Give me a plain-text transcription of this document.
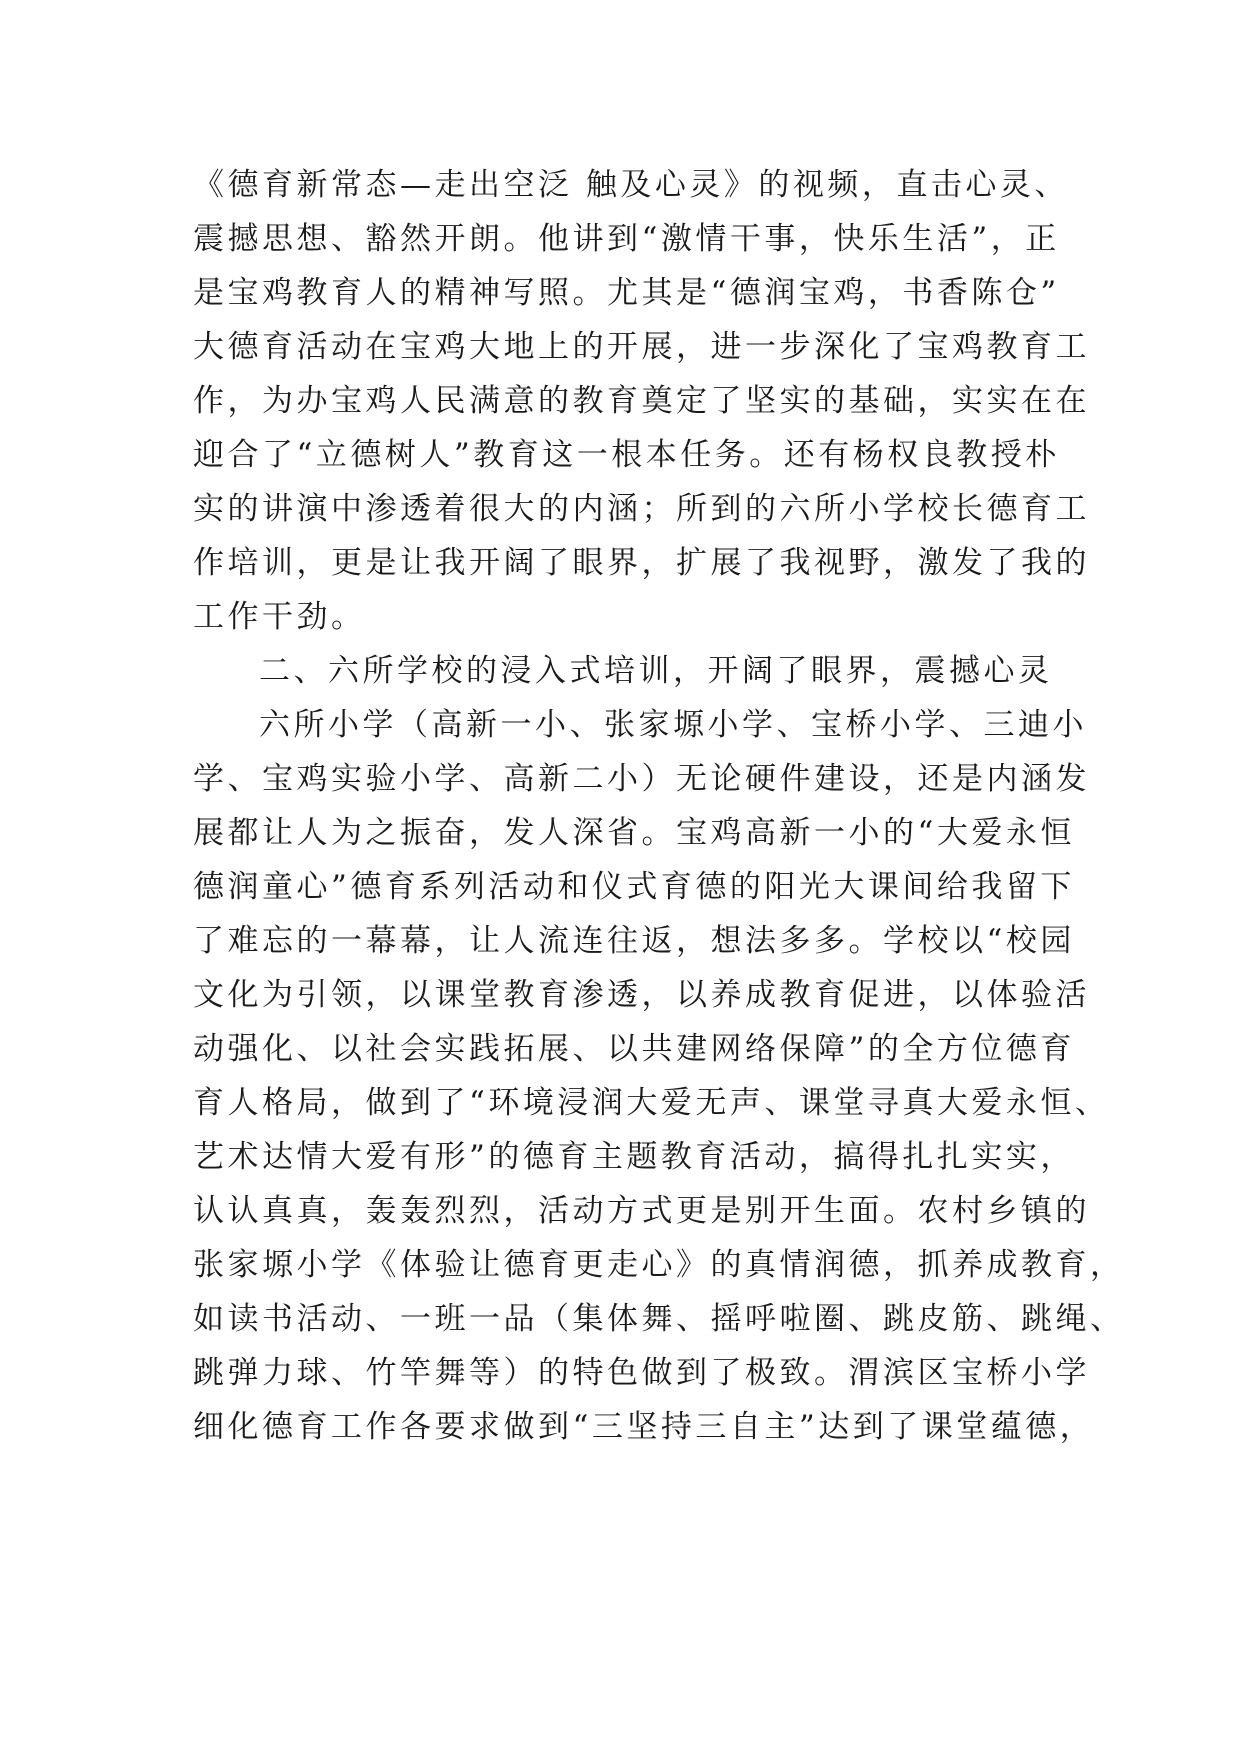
《德育新常态—走出空泛 触及心灵》的视频，直击心灵、
震撼思想、豁然开朗。他讲到“激情干事，快乐生活”，正
是宝鸡教育人的精神写照。尤其是“德润宝鸡，书香陈仓”
大德育活动在宝鸡大地上的开展，进一步深化了宝鸡教育工
作，为办宝鸡人民满意的教育奠定了坚实的基础，实实在在
迎合了“立德树人”教育这一根本任务。还有杨权良教授朴
实的讲演中渗透着很大的内涵；所到的六所小学校长德育工
作培训，更是让我开阔了眼界，扩展了我视野，激发了我的
工作干劲。
二、六所学校的浸入式培训，开阔了眼界，震撼心灵
六所小学（高新一小、张家塬小学、宝桥小学、三迪小
学、宝鸡实验小学、高新二小）无论硬件建设，还是内涵发
展都让人为之振奋，发人深省。宝鸡高新一小的“大爱永恒
德润童心”德育系列活动和仪式育德的阳光大课间给我留下
了难忘的一幕幕，让人流连往返，想法多多。学校以“校园
文化为引领，以课堂教育渗透，以养成教育促进，以体验活
动强化、以社会实践拓展、以共建网络保障”的全方位德育
育人格局，做到了“环境浸润大爱无声、课堂寻真大爱永恒、
艺术达情大爱有形”的德育主题教育活动，搞得扎扎实实，
认认真真，轰轰烈烈，活动方式更是别开生面。农村乡镇的
张家塬小学《体验让德育更走心》的真情润德，抓养成教育，
如读书活动、一班一品（集体舞、摇呼啦圈、跳皮筋、跳绳、
跳弹力球、竹竿舞等）的特色做到了极致。渭滨区宝桥小学
细化德育工作各要求做到“三坚持三自主”达到了课堂蕴德，
